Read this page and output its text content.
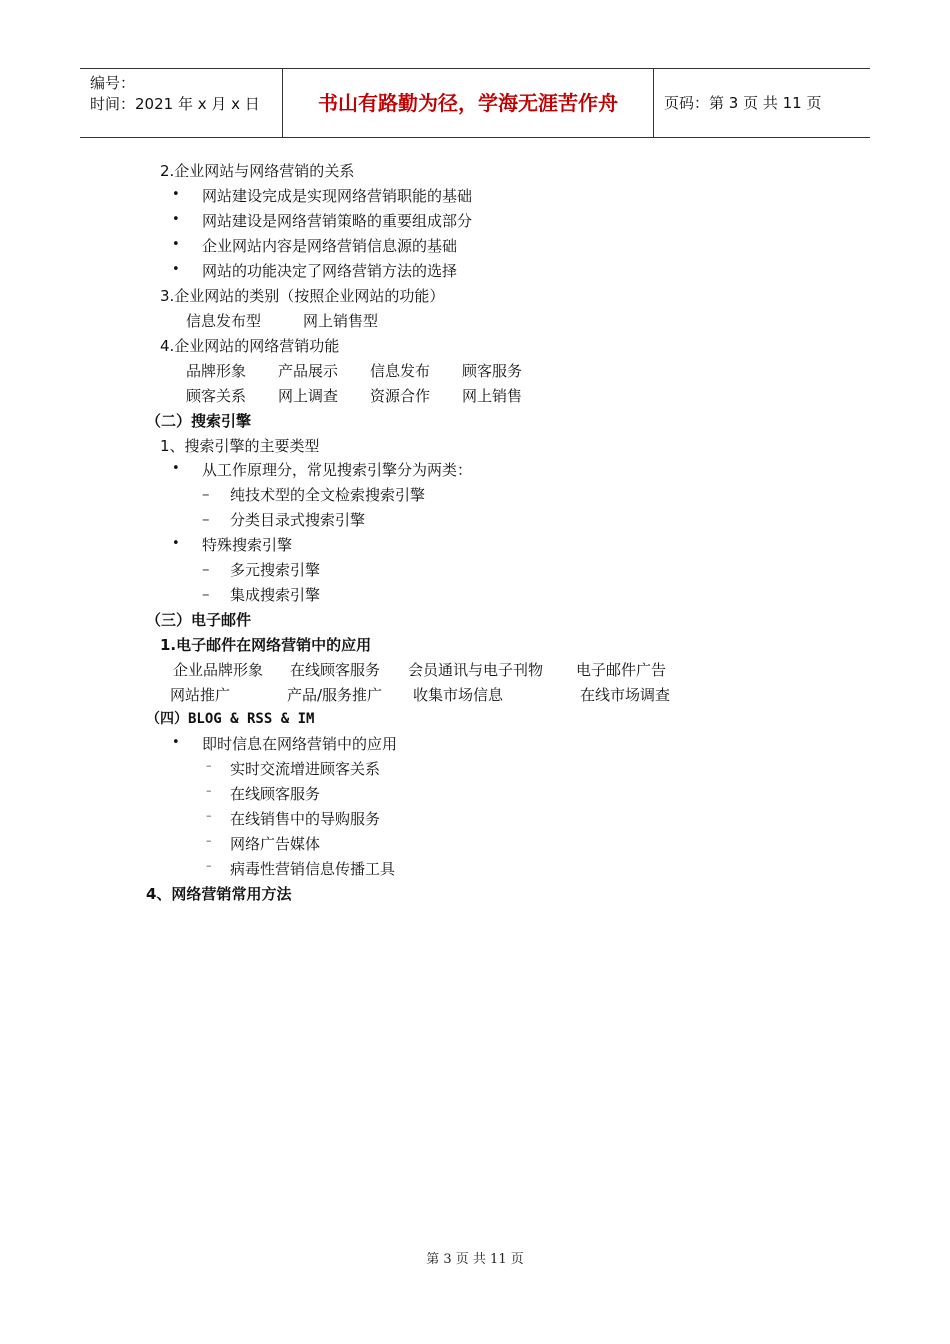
编号：
时间：2021 年 x 月 x 日	书山有路勤为径，学海无涯苦作舟	页码：第 3 页 共 11 页
2.企业网站与网络营销的关系
• 网站建设完成是实现网络营销职能的基础
• 网站建设是网络营销策略的重要组成部分
• 企业网站内容是网络营销信息源的基础
• 网站的功能决定了网络营销方法的选择
3.企业网站的类别（按照企业网站的功能）
信息发布型	网上销售型
4.企业网站的网络营销功能
品牌形象 产品展示 信息发布 顾客服务
顾客关系 网上调查 资源合作 网上销售
（二）搜索引擎
1、搜索引擎的主要类型
• 从工作原理分，常见搜索引擎分为两类：
– 纯技术型的全文检索搜索引擎
– 分类目录式搜索引擎
• 特殊搜索引擎
– 多元搜索引擎
– 集成搜索引擎
（三）电子邮件
1.电子邮件在网络营销中的应用
企业品牌形象 在线顾客服务 会员通讯与电子刊物 电子邮件广告
网站推广	产品/服务推广 收集市场信息	在线市场调查
（四）BLOG & RSS & IM
• 即时信息在网络营销中的应用
– 实时交流增进顾客关系
– 在线顾客服务
– 在线销售中的导购服务
– 网络广告媒体
– 病毒性营销信息传播工具
4、网络营销常用方法
第 3 页 共 11 页
